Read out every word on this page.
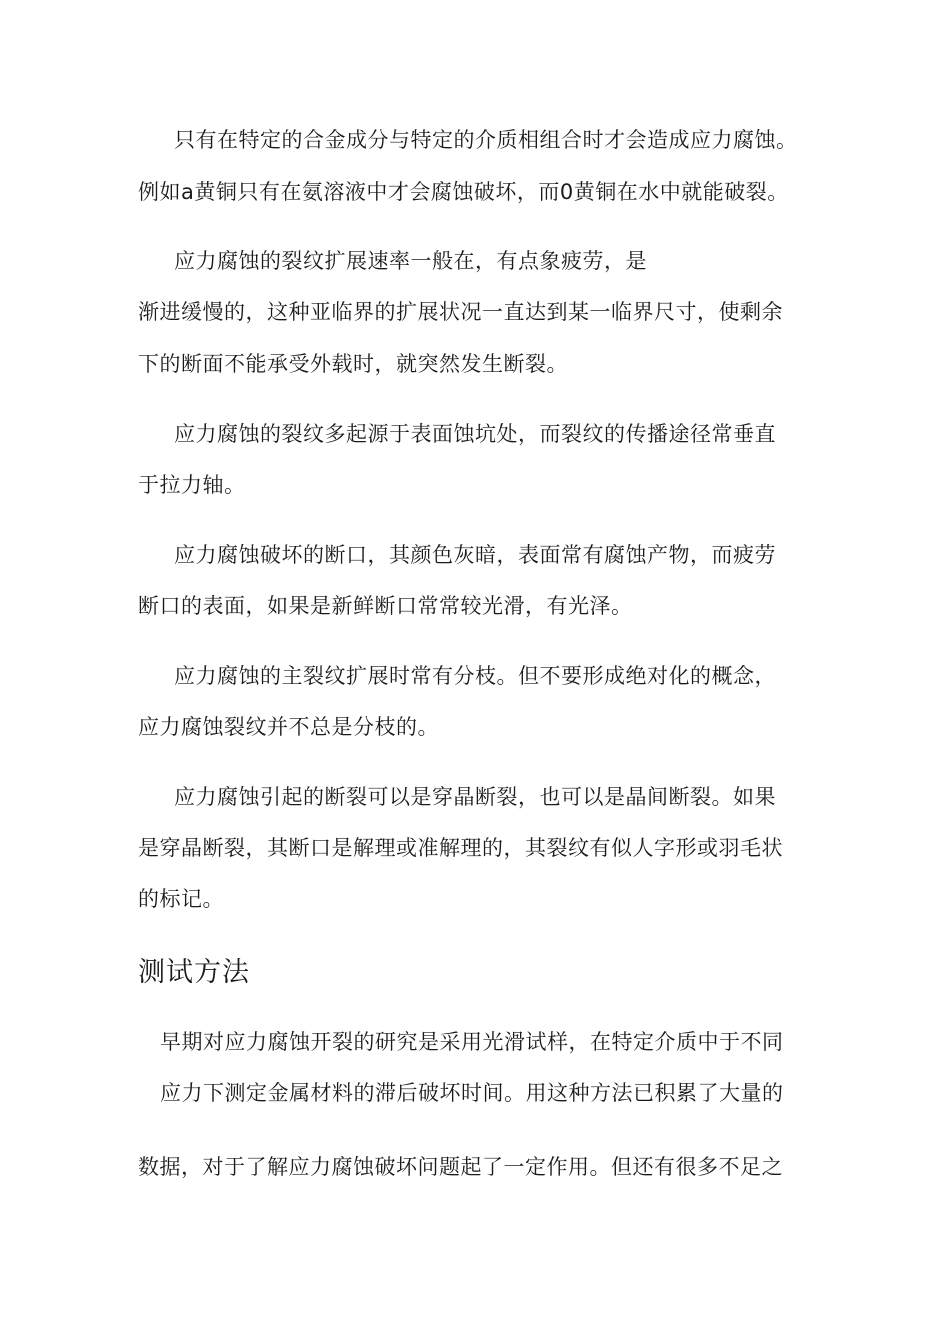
只有在特定的合金成分与特定的介质相组合时才会造成应力腐蚀。
例如a黄铜只有在氨溶液中才会腐蚀破坏，而0黄铜在水中就能破裂。
应力腐蚀的裂纹扩展速率一般在，有点象疲劳，是
渐进缓慢的，这种亚临界的扩展状况一直达到某一临界尺寸，使剩余
下的断面不能承受外载时，就突然发生断裂。
应力腐蚀的裂纹多起源于表面蚀坑处，而裂纹的传播途径常垂直
于拉力轴。
应力腐蚀破坏的断口，其颜色灰暗，表面常有腐蚀产物，而疲劳
断口的表面，如果是新鲜断口常常较光滑，有光泽。
应力腐蚀的主裂纹扩展时常有分枝。但不要形成绝对化的概念，
应力腐蚀裂纹并不总是分枝的。
应力腐蚀引起的断裂可以是穿晶断裂，也可以是晶间断裂。如果
是穿晶断裂，其断口是解理或准解理的，其裂纹有似人字形或羽毛状
的标记。
测试方法
早期对应力腐蚀开裂的研究是采用光滑试样，在特定介质中于不同
应力下测定金属材料的滞后破坏时间。用这种方法已积累了大量的
数据，对于了解应力腐蚀破坏问题起了一定作用。但还有很多不足之
